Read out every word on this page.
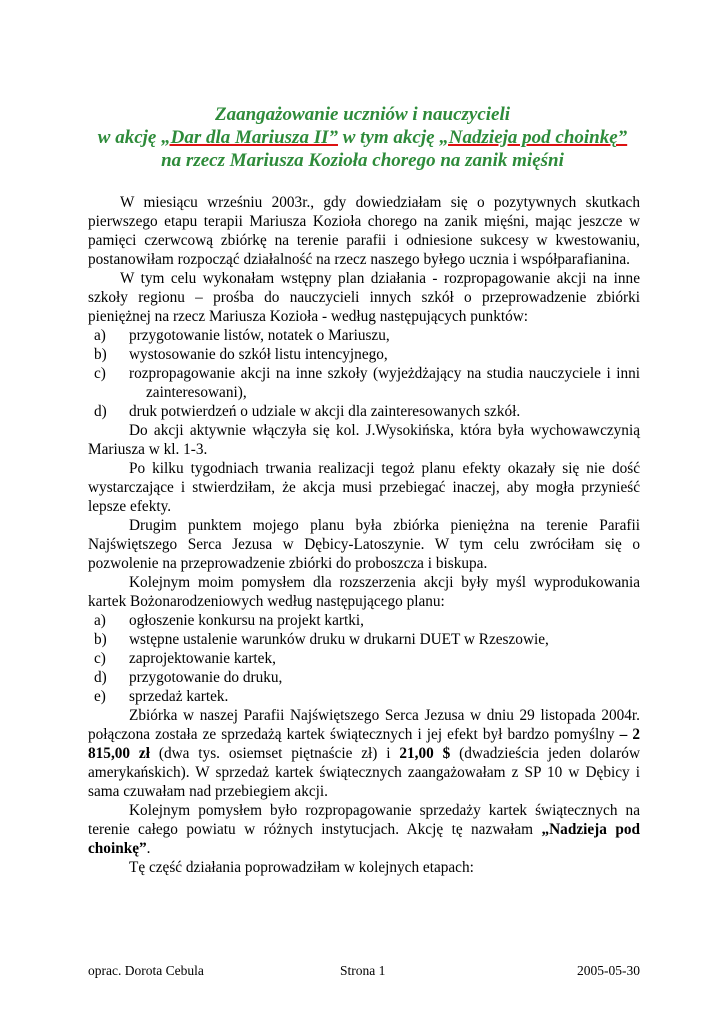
Zaangażowanie uczniów i nauczycieli
w akcję „Dar dla Mariusza II” w tym akcję „Nadzieja pod choinkę”
na rzecz Mariusza Kozioła chorego na zanik mięśni

W miesiącu wrześniu 2003r., gdy dowiedziałam się o pozytywnych skutkach pierwszego etapu terapii Mariusza Kozioła chorego na zanik mięśni, mając jeszcze w pamięci czerwcową zbiórkę na terenie parafii i odniesione sukcesy w kwestowaniu, postanowiłam rozpocząć działalność na rzecz naszego byłego ucznia i współparafianina.

W tym celu wykonałam wstępny plan działania - rozpropagowanie akcji na inne szkoły regionu – prośba do nauczycieli innych szkół o przeprowadzenie zbiórki pieniężnej na rzecz Mariusza Kozioła - według następujących punktów:

a) przygotowanie listów, notatek o Mariuszu,
b) wystosowanie do szkół listu intencyjnego,
c) rozpropagowanie akcji na inne szkoły (wyjeżdżający na studia nauczyciele i inni zainteresowani),
d) druk potwierdzeń o udziale w akcji dla zainteresowanych szkół.

Do akcji aktywnie włączyła się kol. J.Wysokińska, która była wychowawczynią Mariusza w kl. 1-3.

Po kilku tygodniach trwania realizacji tegoż planu efekty okazały się nie dość wystarczające i stwierdziłam, że akcja musi przebiegać inaczej, aby mogła przynieść lepsze efekty.

Drugim punktem mojego planu była zbiórka pieniężna na terenie Parafii Najświętszego Serca Jezusa w Dębicy-Latoszynie. W tym celu zwróciłam się o pozwolenie na przeprowadzenie zbiórki do proboszcza i biskupa.

Kolejnym moim pomysłem dla rozszerzenia akcji były myśl wyprodukowania kartek Bożonarodzeniowych według następującego planu:

a) ogłoszenie konkursu na projekt kartki,
b) wstępne ustalenie warunków druku w drukarni DUET w Rzeszowie,
c) zaprojektowanie kartek,
d) przygotowanie do druku,
e) sprzedaż kartek.

Zbiórka w naszej Parafii Najświętszego Serca Jezusa w dniu 29 listopada 2004r. połączona została ze sprzedażą kartek świątecznych i jej efekt był bardzo pomyślny – 2 815,00 zł (dwa tys. osiemset piętnaście zł) i 21,00 $ (dwadzieścia jeden dolarów amerykańskich). W sprzedaż kartek świątecznych zaangażowałam z SP 10 w Dębicy i sama czuwałam nad przebiegiem akcji.

Kolejnym pomysłem było rozpropagowanie sprzedaży kartek świątecznych na terenie całego powiatu w różnych instytucjach. Akcję tę nazwałam „Nadzieja pod choinkę”.

Tę część działania poprowadziłam w kolejnych etapach:

oprac. Dorota Cebula	Strona 1	2005-05-30
